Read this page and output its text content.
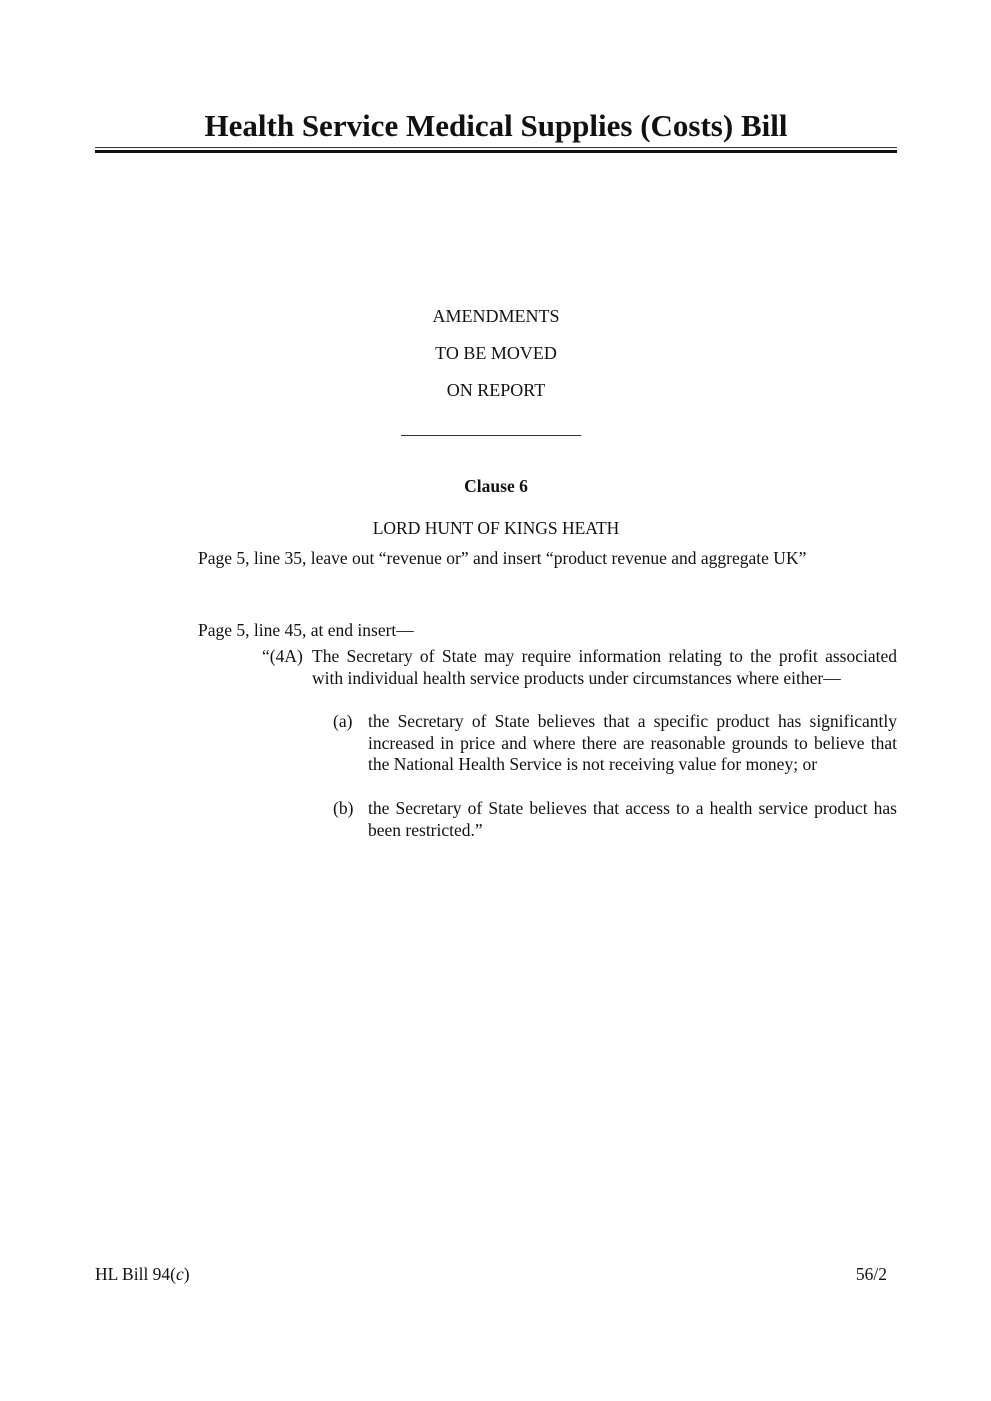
Health Service Medical Supplies (Costs) Bill
AMENDMENTS
TO BE MOVED
ON REPORT
Clause 6
LORD HUNT OF KINGS HEATH
Page 5, line 35, leave out “revenue or” and insert “product revenue and aggregate UK”
Page 5, line 45, at end insert—
“(4A) The Secretary of State may require information relating to the profit associated with individual health service products under circumstances where either—
(a) the Secretary of State believes that a specific product has significantly increased in price and where there are reasonable grounds to believe that the National Health Service is not receiving value for money; or
(b) the Secretary of State believes that access to a health service product has been restricted.”
HL Bill 94(c)	56/2
